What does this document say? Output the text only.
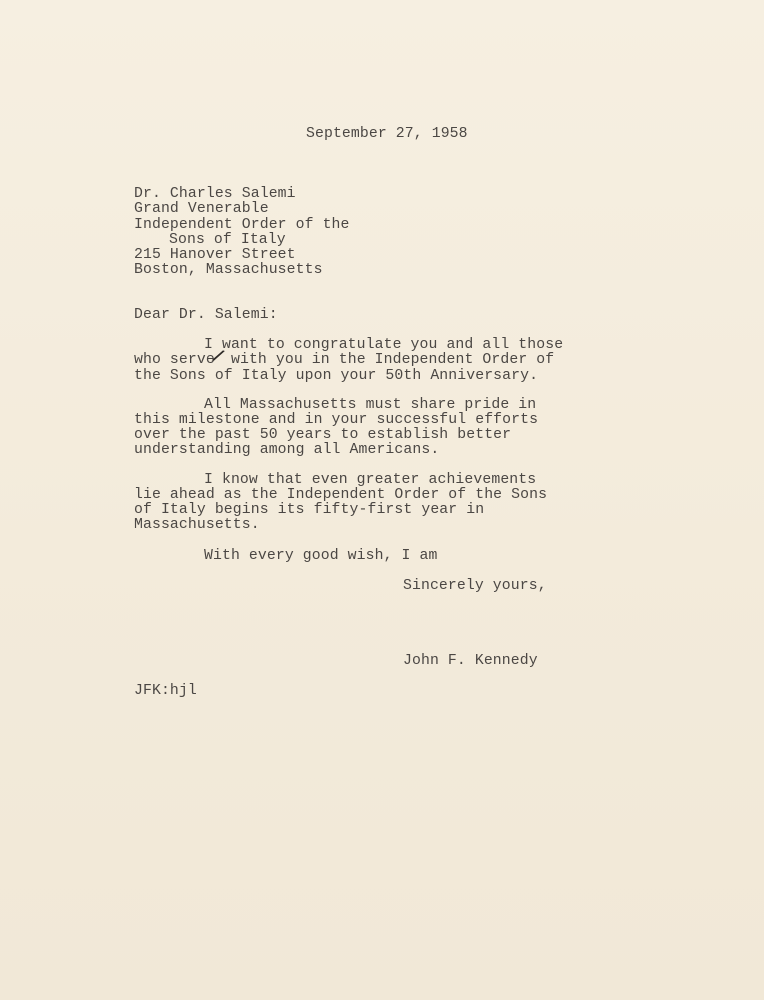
September 27, 1958
Dr. Charles Salemi
Grand Venerable
Independent Order of the
Sons of Italy
215 Hanover Street
Boston, Massachusetts
Dear Dr. Salemi:
I want to congratulate you and all those
who serve
/
with you in the Independent Order of
the Sons of Italy upon your 50th Anniversary.
All Massachusetts must share pride in
this milestone and in your successful efforts
over the past 50 years to establish better
understanding among all Americans.
I know that even greater achievements
lie ahead as the Independent Order of the Sons
of Italy begins its fifty-first year in
Massachusetts.
With every good wish, I am
Sincerely yours,
John F. Kennedy
JFK:hjl
